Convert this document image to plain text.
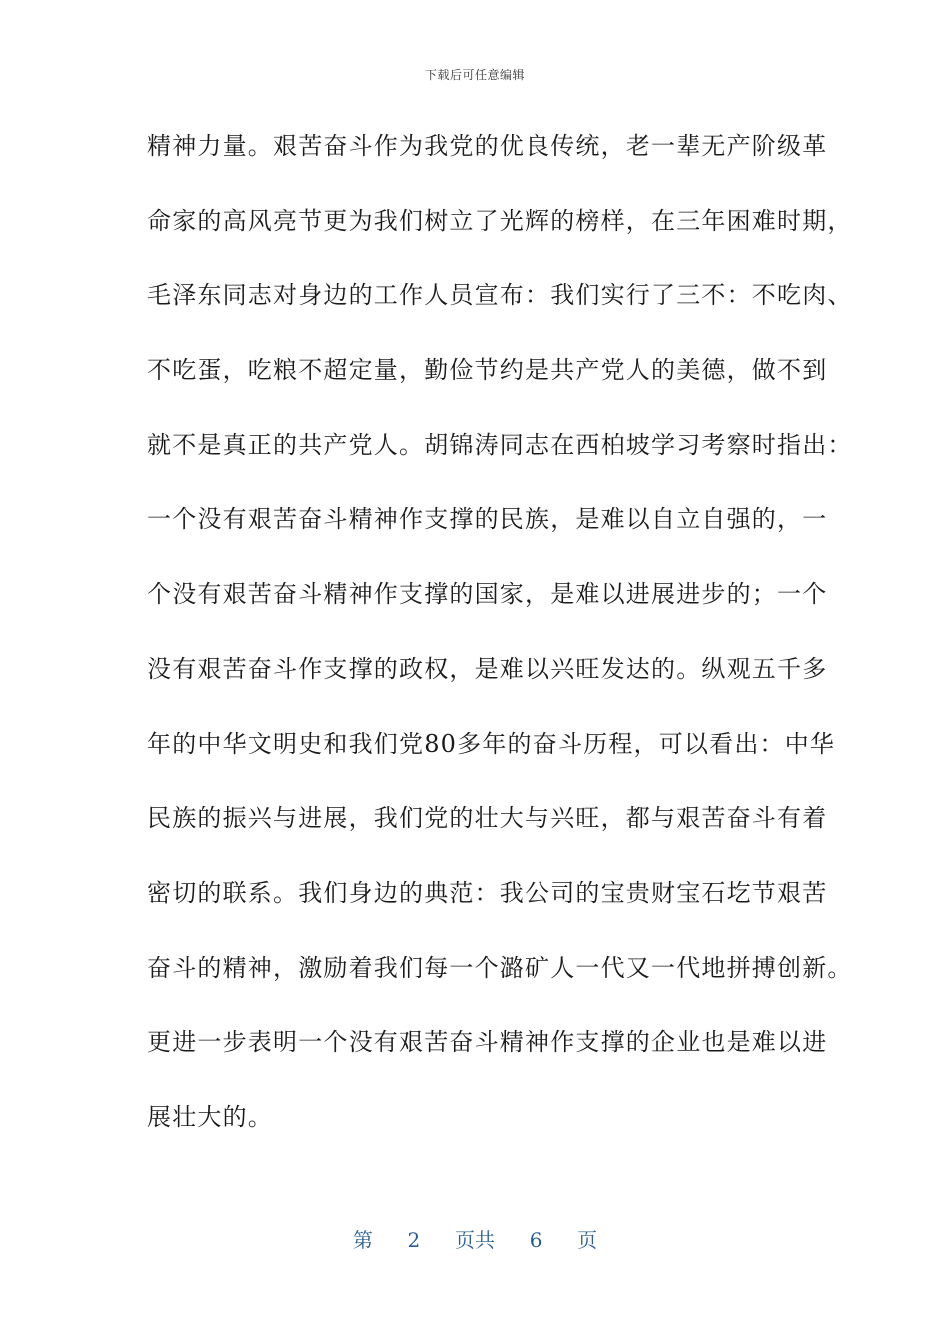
下载后可任意编辑
精神力量。艰苦奋斗作为我党的优良传统，老一辈无产阶级革
命家的高风亮节更为我们树立了光辉的榜样，在三年困难时期，
毛泽东同志对身边的工作人员宣布：我们实行了三不：不吃肉、
不吃蛋，吃粮不超定量，勤俭节约是共产党人的美德，做不到
就不是真正的共产党人。胡锦涛同志在西柏坡学习考察时指出：
一个没有艰苦奋斗精神作支撑的民族，是难以自立自强的，一
个没有艰苦奋斗精神作支撑的国家，是难以进展进步的；一个
没有艰苦奋斗作支撑的政权，是难以兴旺发达的。纵观五千多
年的中华文明史和我们党80多年的奋斗历程，可以看出：中华
民族的振兴与进展，我们党的壮大与兴旺，都与艰苦奋斗有着
密切的联系。我们身边的典范：我公司的宝贵财宝石圪节艰苦
奋斗的精神，激励着我们每一个潞矿人一代又一代地拼搏创新。
更进一步表明一个没有艰苦奋斗精神作支撑的企业也是难以进
展壮大的。
第 2 页共 6 页
